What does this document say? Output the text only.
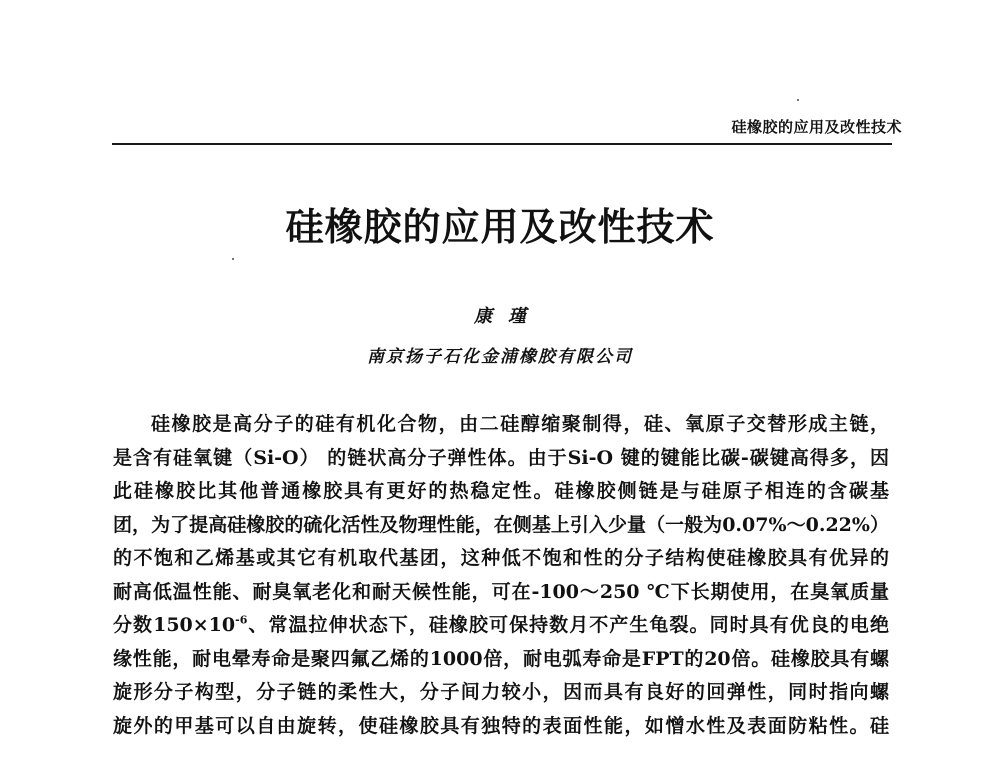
硅橡胶的应用及改性技术
硅橡胶的应用及改性技术
康瑾
南京扬子石化金浦橡胶有限公司
硅橡胶是高分子的硅有机化合物，由二硅醇缩聚制得，硅、氧原子交替形成主链，
是含有硅氧键（Si-O） 的链状高分子弹性体。由于Si-O 键的键能比碳-碳键高得多，因
此硅橡胶比其他普通橡胶具有更好的热稳定性。硅橡胶侧链是与硅原子相连的含碳基
团，为了提高硅橡胶的硫化活性及物理性能，在侧基上引入少量（一般为0.07%～0.22%）
的不饱和乙烯基或其它有机取代基团，这种低不饱和性的分子结构使硅橡胶具有优异的
耐高低温性能、耐臭氧老化和耐天候性能，可在-100～250 ℃下长期使用，在臭氧质量
分数$150\times 10^{-6}$、常温拉伸状态下，硅橡胶可保持数月不产生龟裂。同时具有优良的电绝
缘性能，耐电晕寿命是聚四氟乙烯的1000倍，耐电弧寿命是FPT的20倍。硅橡胶具有螺
旋形分子构型，分子链的柔性大，分子间力较小，因而具有良好的回弹性，同时指向螺
旋外的甲基可以自由旋转，使硅橡胶具有独特的表面性能，如憎水性及表面防粘性。硅
